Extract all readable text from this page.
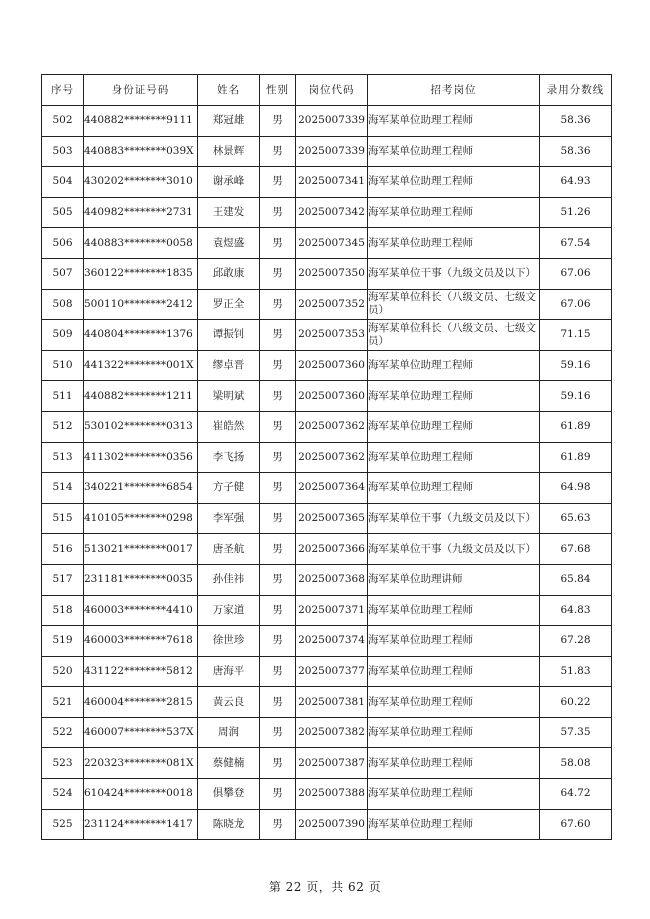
序号	身份证号码	姓名	性别	岗位代码	招考岗位	录用分数线
502	440882********9111	郑冠雄	男	2025007339	海军某单位助理工程师	58.36
503	440883********039X	林景辉	男	2025007339	海军某单位助理工程师	58.36
504	430202********3010	谢承峰	男	2025007341	海军某单位助理工程师	64.93
505	440982********2731	王建发	男	2025007342	海军某单位助理工程师	51.26
506	440883********0058	袁煜盛	男	2025007345	海军某单位助理工程师	67.54
507	360122********1835	邱敢康	男	2025007350	海军某单位干事（九级文员及以下）	67.06
508	500110********2412	罗正全	男	2025007352	海军某单位科长（八级文员、七级文员）	67.06
509	440804********1376	谭振钊	男	2025007353	海军某单位科长（八级文员、七级文员）	71.15
510	441322********001X	缪卓晋	男	2025007360	海军某单位助理工程师	59.16
511	440882********1211	梁明斌	男	2025007360	海军某单位助理工程师	59.16
512	530102********0313	崔皓然	男	2025007362	海军某单位助理工程师	61.89
513	411302********0356	李飞扬	男	2025007362	海军某单位助理工程师	61.89
514	340221********6854	方子健	男	2025007364	海军某单位助理工程师	64.98
515	410105********0298	李军强	男	2025007365	海军某单位干事（九级文员及以下）	65.63
516	513021********0017	唐圣航	男	2025007366	海军某单位干事（九级文员及以下）	67.68
517	231181********0035	孙佳祎	男	2025007368	海军某单位助理讲师	65.84
518	460003********4410	万家道	男	2025007371	海军某单位助理工程师	64.83
519	460003********7618	徐世珍	男	2025007374	海军某单位助理工程师	67.28
520	431122********5812	唐海平	男	2025007377	海军某单位助理工程师	51.83
521	460004********2815	黄云良	男	2025007381	海军某单位助理工程师	60.22
522	460007********537X	周润	男	2025007382	海军某单位助理工程师	57.35
523	220323********081X	蔡健楠	男	2025007387	海军某单位助理工程师	58.08
524	610424********0018	俱攀登	男	2025007388	海军某单位助理工程师	64.72
525	231124********1417	陈晓龙	男	2025007390	海军某单位助理工程师	67.60
第 22 页，共 62 页
